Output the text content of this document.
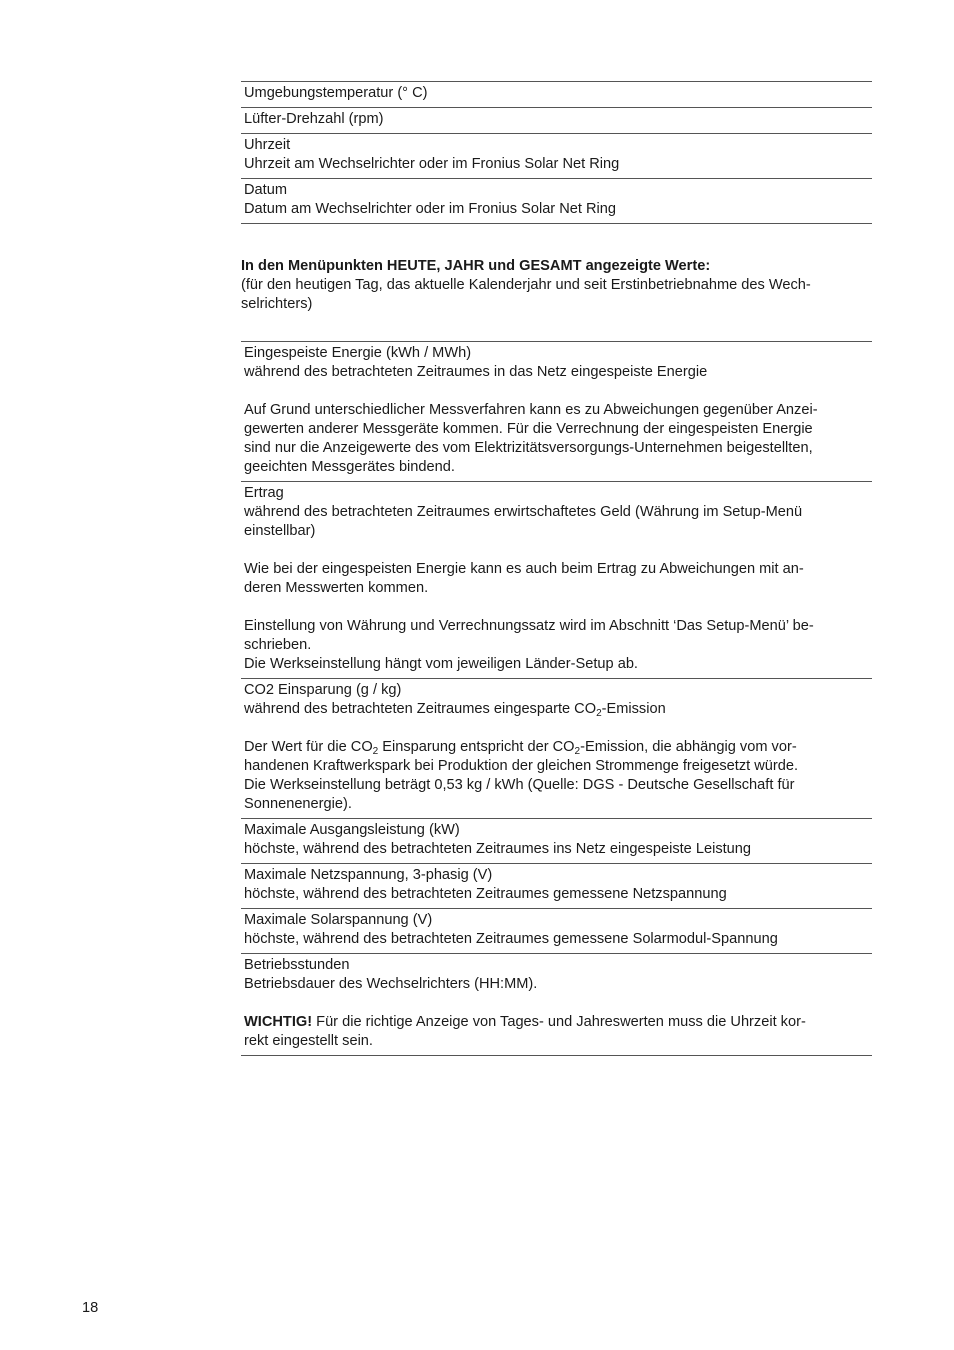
Umgebungstemperatur (° C)
Lüfter-Drehzahl (rpm)
Uhrzeit
Uhrzeit am Wechselrichter oder im Fronius Solar Net Ring
Datum
Datum am Wechselrichter oder im Fronius Solar Net Ring

In den Menüpunkten HEUTE, JAHR und GESAMT angezeigte Werte:

(für den heutigen Tag, das aktuelle Kalenderjahr und seit Erstinbetriebnahme des Wech-
selrichters)
Eingespeiste Energie (kWh / MWh)
während des betrachteten Zeitraumes in das Netz eingespeiste Energie
Auf Grund unterschiedlicher Messverfahren kann es zu Abweichungen gegenüber Anzei-
gewerten anderer Messgeräte kommen. Für die Verrechnung der eingespeisten Energie
sind nur die Anzeigewerte des vom Elektrizitätsversorgungs-Unternehmen beigestellten,
geeichten Messgerätes bindend.
Ertrag
während des betrachteten Zeitraumes erwirtschaftetes Geld (Währung im Setup-Menü
einstellbar)
Wie bei der eingespeisten Energie kann es auch beim Ertrag zu Abweichungen mit an-
deren Messwerten kommen.
Einstellung von Währung und Verrechnungssatz wird im Abschnitt ‘Das Setup-Menü’ be-
schrieben.
Die Werkseinstellung hängt vom jeweiligen Länder-Setup ab.
CO2 Einsparung (g / kg)
während des betrachteten Zeitraumes eingesparte $CO_2$-Emission
Der Wert für die $CO_2$ Einsparung entspricht der $CO_2$-Emission, die abhängig vom vor-
handenen Kraftwerkspark bei Produktion der gleichen Strommenge freigesetzt würde.
Die Werkseinstellung beträgt 0,53 kg / kWh (Quelle: DGS - Deutsche Gesellschaft für
Sonnenenergie).
Maximale Ausgangsleistung (kW)
höchste, während des betrachteten Zeitraumes ins Netz eingespeiste Leistung
Maximale Netzspannung, 3-phasig (V)
höchste, während des betrachteten Zeitraumes gemessene Netzspannung
Maximale Solarspannung (V)
höchste, während des betrachteten Zeitraumes gemessene Solarmodul-Spannung
Betriebsstunden
Betriebsdauer des Wechselrichters (HH:MM).
WICHTIG! Für die richtige Anzeige von Tages- und Jahreswerten muss die Uhrzeit kor-
rekt eingestellt sein.
18
